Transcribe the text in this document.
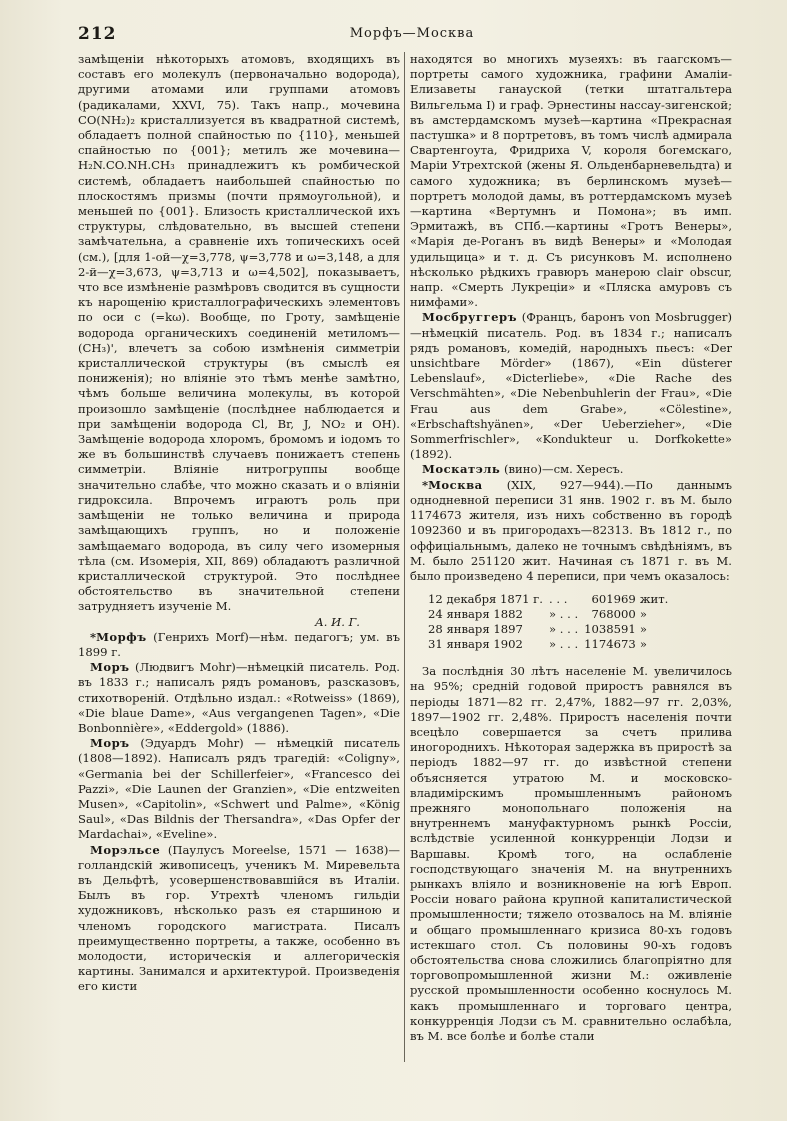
212	Морфъ—Москва

замѣщеніи нѣкоторыхъ атомовъ, входящихъ въ составъ его молекулъ (первоначально водорода), другими атомами или группами атомовъ (радикалами, XXVI, 75). Такъ напр., мочевина CO(NH₂)₂ кристаллизуется въ квадратной системѣ, обладаетъ полной спайностью по {110}, меньшей спайностью по {001}; метилъ же мочевина—H₂N.CO.NH.CH₃ принадлежитъ къ ромбической системѣ, обладаетъ наибольшей спайностью по плоскостямъ призмы (почти прямоугольной), и меньшей по {001}. Близость кристаллической ихъ структуры, слѣдовательно, въ высшей степени замѣчательна, а сравненіе ихъ топическихъ осей (см.), [для 1-ой—χ=3,778, ψ=3,778 и ω=3,148, а для 2-й—χ=3,673, ψ=3,713 и ω=4,502], показываетъ, что все измѣненіе размѣровъ сводится въ сущности къ нарощенію кристаллографическихъ элементовъ по оси c (=kω). Вообще, по Гроту, замѣщеніе водорода органическихъ соединеній метиломъ—(CH₃)', влечетъ за собою измѣненія симметріи кристаллической структуры (въ смыслѣ ея пониженія); но вліяніе это тѣмъ менѣе замѣтно, чѣмъ больше величина молекулы, въ которой произошло замѣщеніе (послѣднее наблюдается и при замѣщеніи водорода Cl, Br, J, NO₂ и OH). Замѣщеніе водорода хлоромъ, бромомъ и іодомъ то же въ большинствѣ случаевъ понижаетъ степень симметріи. Вліяніе нитрогруппы вообще значительно слабѣе, что можно сказать и о вліяніи гидроксила. Впрочемъ играютъ роль при замѣщеніи не только величина и природа замѣщающихъ группъ, но и положеніе замѣщаемаго водорода, въ силу чего изомерныя тѣла (см. Изомерія, XII, 869) обладаютъ различной кристаллической структурой. Это послѣднее обстоятельство въ значительной степени затрудняетъ изученіе М.

А. И. Г.

*Морфъ (Генрихъ Morf)—нѣм. педагогъ; ум. въ 1899 г.

Моръ (Людвигъ Mohr)—нѣмецкій писатель. Род. въ 1833 г.; написалъ рядъ романовъ, разсказовъ, стихотвореній. Отдѣльно издал.: «Rotweiss» (1869), «Die blaue Dame», «Aus vergangenen Tagen», «Die Bonbonnière», «Eddergold» (1886).

Моръ (Эдуардъ Mohr) — нѣмецкій писатель (1808—1892). Написалъ рядъ трагедій: «Coligny», «Germania bei der Schillerfeier», «Francesco dei Pazzi», «Die Launen der Granzien», «Die entzweiten Musen», «Capitolin», «Schwert und Palme», «König Saul», «Das Bildnis der Thersandra», «Das Opfer der Mardachai», «Eveline».

Морэльсе (Паулусъ Moreelse, 1571 — 1638)—голландскій живописецъ, ученикъ М. Миревельта въ Дельфтѣ, усовершенствовавшійся въ Италіи. Былъ въ гор. Утрехтѣ членомъ гильдіи художниковъ, нѣсколько разъ ея старшиною и членомъ городского магистрата. Писалъ преимущественно портреты, а также, особенно въ молодости, историческія и аллегорическія картины. Занимался и архитектурой. Произведенія его кисти

находятся во многихъ музеяхъ: въ гаагскомъ—портреты самого художника, графини Амаліи-Елизаветы ганауской (тетки штатгальтера Вильгельма I) и граф. Эрнестины нассау-зигенской; въ амстердамскомъ музеѣ—картина «Прекрасная пастушка» и 8 портретовъ, въ томъ числѣ адмирала Свартенгоута, Фридриха V, короля богемскаго, Маріи Утрехтской (жены Я. Ольденбарневельдта) и самого художника; въ берлинскомъ музеѣ—портретъ молодой дамы, въ роттердамскомъ музеѣ—картина «Вертумнъ и Помона»; въ имп. Эрмитажѣ, въ СПб.—картины «Гротъ Венеры», «Марія де-Роганъ въ видѣ Венеры» и «Молодая удильщица» и т. д. Съ рисунковъ М. исполнено нѣсколько рѣдкихъ гравюръ манерою clair obscur, напр. «Смерть Лукреціи» и «Пляска амуровъ съ нимфами».

Мосбруггеръ (Францъ, баронъ von Mosbrugger)—нѣмецкій писатель. Род. въ 1834 г.; написалъ рядъ романовъ, комедій, народныхъ пьесъ: «Der unsichtbare Mörder» (1867), «Ein düsterer Lebenslauf», «Dicterliebe», «Die Rache des Verschmähten», «Die Nebenbuhlerin der Frau», «Die Frau aus dem Grabe», «Cölestine», «Erbschaftshyänen», «Der Ueberzieher», «Die Sommerfrischler», «Kondukteur u. Dorfkokette» (1892).

Москатэль (вино)—см. Хересъ.

*Москва (XIX, 927—944).—По даннымъ однодневной переписи 31 янв. 1902 г. въ М. было 1174673 жителя, изъ нихъ собственно въ городѣ 1092360 и въ пригородахъ—82313. Въ 1812 г., по оффиціальнымъ, далеко не точнымъ свѣдѣніямъ, въ М. было 251120 жит. Начиная съ 1871 г. въ М. было произведено 4 переписи, при чемъ оказалось:

12 декабря 1871 г.	. . .	601969	жит.
24 января 1882	» . . .	768000	»
28 января 1897	» . . .	1038591	»
31 января 1902	» . . .	1174673	»

За послѣднія 30 лѣтъ населеніе М. увеличилось на 95%; средній годовой приростъ равнялся въ періоды 1871—82 гг. 2,47%, 1882—97 гг. 2,03%, 1897—1902 гг. 2,48%. Приростъ населенія почти всецѣло совершается за счетъ прилива иногороднихъ. Нѣкоторая задержка въ приростѣ за періодъ 1882—97 гг. до извѣстной степени объясняется утратою М. и московско-владимірскимъ промышленнымъ райономъ прежняго монопольнаго положенія на внутреннемъ мануфактурномъ рынкѣ Россіи, вслѣдствіе усиленной конкурренціи Лодзи и Варшавы. Кромѣ того, на ослабленіе господствующаго значенія М. на внутреннихъ рынкахъ вліяло и возникновеніе на югѣ Европ. Россіи новаго района крупной капиталистической промышленности; тяжело отозвалось на М. вліяніе и общаго промышленнаго кризиса 80-хъ годовъ истекшаго стол. Съ половины 90-хъ годовъ обстоятельства снова сложились благопріятно для торговопромышленной жизни М.: оживленіе русской промышленности особенно коснулось М. какъ промышленнаго и торговаго центра, конкурренція Лодзи съ М. сравнительно ослабѣла, въ М. все болѣе и болѣе стали
